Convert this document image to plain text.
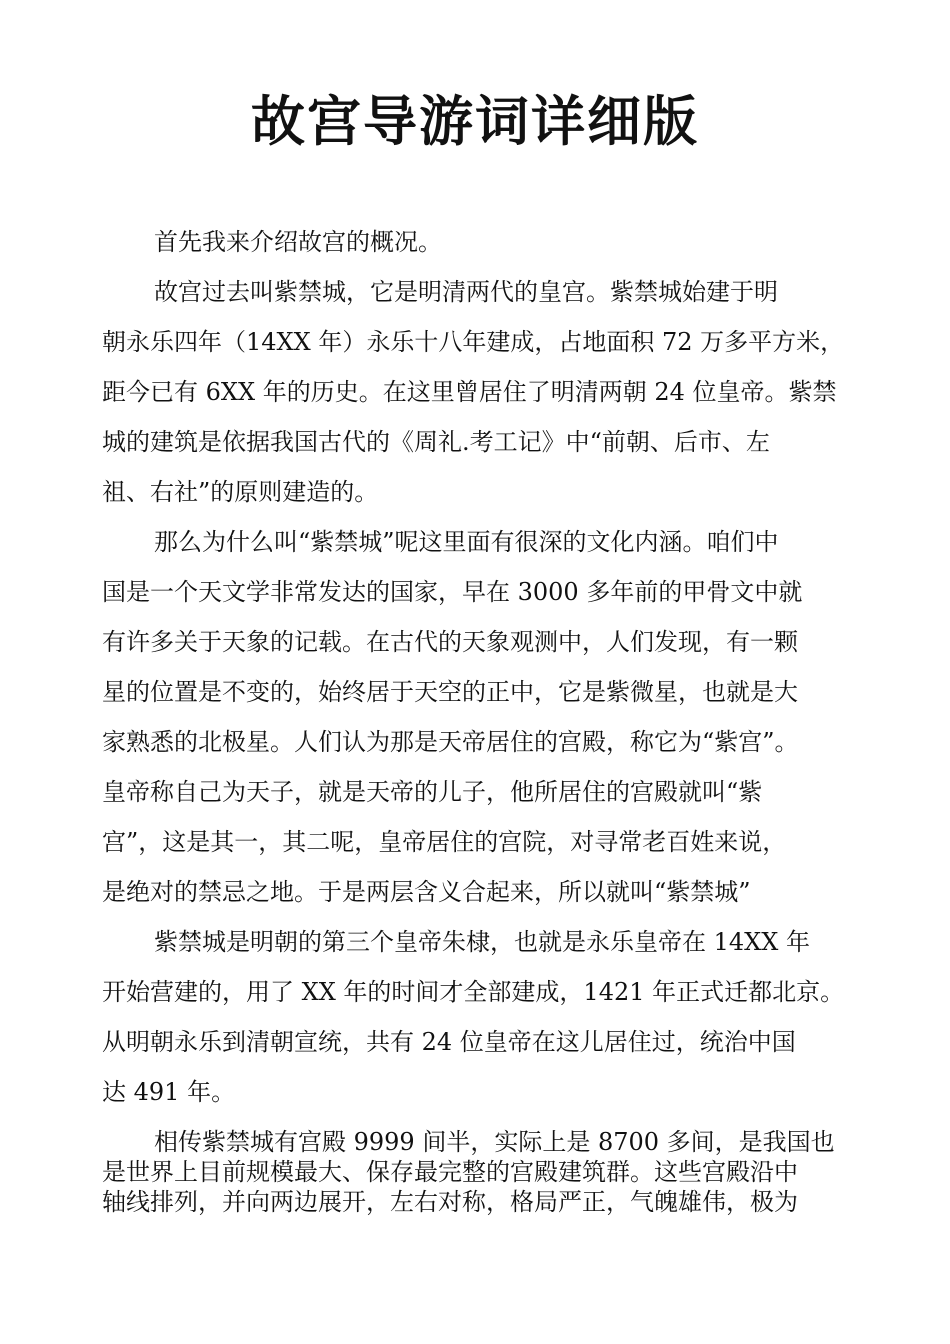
故宫导游词详细版

首先我来介绍故宫的概况。

故宫过去叫紫禁城，它是明清两代的皇宫。紫禁城始建于明

朝永乐四年（14XX 年）永乐十八年建成，占地面积 72 万多平方米，

距今已有 6XX 年的历史。在这里曾居住了明清两朝 24 位皇帝。紫禁

城的建筑是依据我国古代的《周礼.考工记》中“前朝、后市、左

祖、右社”的原则建造的。

那么为什么叫“紫禁城”呢这里面有很深的文化内涵。咱们中

国是一个天文学非常发达的国家，早在 3000 多年前的甲骨文中就

有许多关于天象的记载。在古代的天象观测中，人们发现，有一颗

星的位置是不变的，始终居于天空的正中，它是紫微星，也就是大

家熟悉的北极星。人们认为那是天帝居住的宫殿，称它为“紫宫”。

皇帝称自己为天子，就是天帝的儿子，他所居住的宫殿就叫“紫

宫”，这是其一，其二呢，皇帝居住的宫院，对寻常老百姓来说，

是绝对的禁忌之地。于是两层含义合起来，所以就叫“紫禁城”

紫禁城是明朝的第三个皇帝朱棣，也就是永乐皇帝在 14XX 年

开始营建的，用了 XX 年的时间才全部建成，1421 年正式迁都北京。

从明朝永乐到清朝宣统，共有 24 位皇帝在这儿居住过，统治中国

达 491 年。

相传紫禁城有宫殿 9999 间半，实际上是 8700 多间，是我国也

是世界上目前规模最大、保存最完整的宫殿建筑群。这些宫殿沿中

轴线排列，并向两边展开，左右对称，格局严正，气魄雄伟，极为
